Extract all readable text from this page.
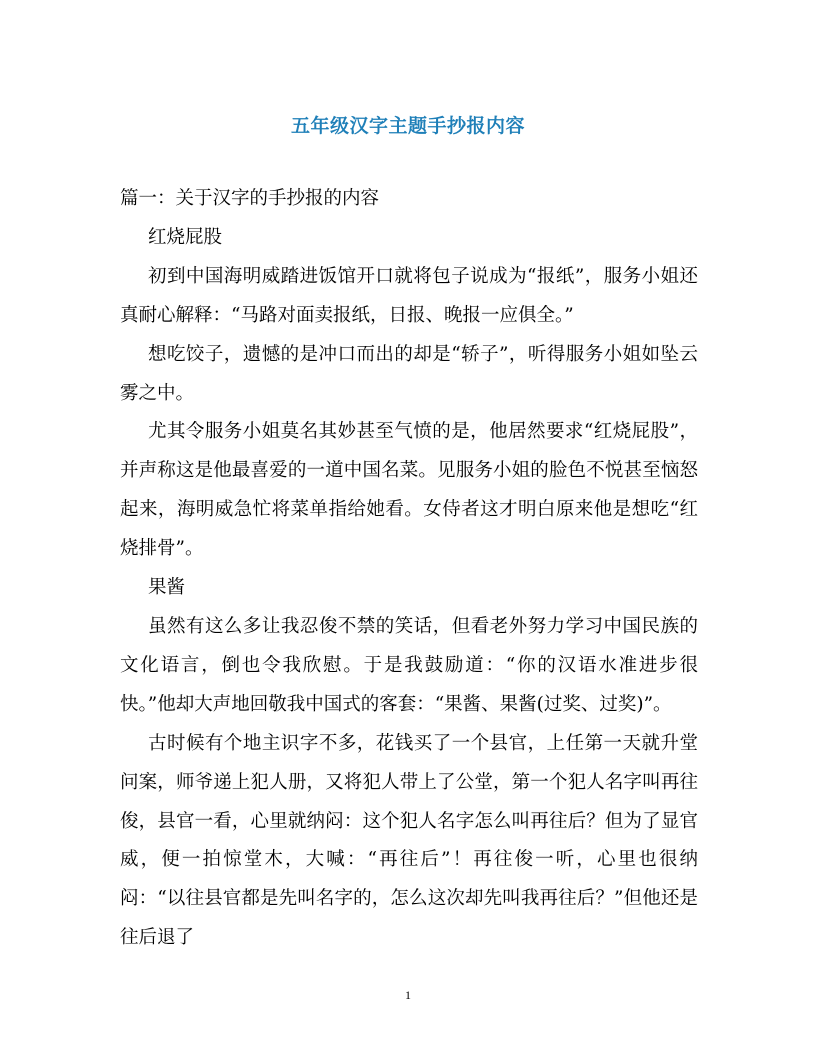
五年级汉字主题手抄报内容

篇一：关于汉字的手抄报的内容

红烧屁股

初到中国海明威踏进饭馆开口就将包子说成为“报纸”，服务小姐还真耐心解释：“马路对面卖报纸，日报、晚报一应俱全。”

想吃饺子，遗憾的是冲口而出的却是“轿子”，听得服务小姐如坠云雾之中。

尤其令服务小姐莫名其妙甚至气愤的是，他居然要求“红烧屁股”，并声称这是他最喜爱的一道中国名菜。见服务小姐的脸色不悦甚至恼怒起来，海明威急忙将菜单指给她看。女侍者这才明白原来他是想吃“红烧排骨”。

果酱

虽然有这么多让我忍俊不禁的笑话，但看老外努力学习中国民族的文化语言，倒也令我欣慰。于是我鼓励道：“你的汉语水准进步很快。”他却大声地回敬我中国式的客套：“果酱、果酱(过奖、过奖)”。

古时候有个地主识字不多，花钱买了一个县官，上任第一天就升堂问案，师爷递上犯人册，又将犯人带上了公堂，第一个犯人名字叫再往俊，县官一看，心里就纳闷：这个犯人名字怎么叫再往后？但为了显官威，便一拍惊堂木，大喊：“再往后”！再往俊一听，心里也很纳闷：“以往县官都是先叫名字的，怎么这次却先叫我再往后？”但他还是往后退了

1
